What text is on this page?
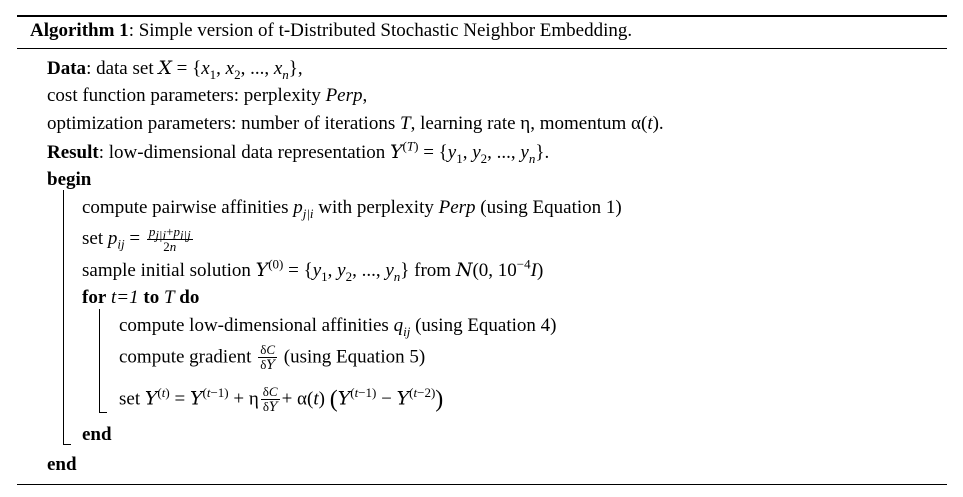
Algorithm 1: Simple version of t-Distributed Stochastic Neighbor Embedding.
Data: data set $X = \{x_1$, $x_2$, ..., $x_n$},
cost function parameters: perplexity Perp,
optimization parameters: number of iterations T, learning rate η, momentum α(t).
Result: low-dimensional data representation $Y^{(T)} = \{y_1$, $y_2$, ..., $y_n$}.
begin
compute pairwise affinities $p_{j|i}$ with perplexity Perp (using Equation 1)
set $p_{ij} = \frac{p_{j|i}+p_{i|j}}{2n}$
sample initial solution $Y^{(0)} = \{y_1$, $y_2$, ..., $y_n$} from N(0, $10^{-4}I$)
for t=1 to T do
compute low-dimensional affinities $q_{ij}$ (using Equation 4)
compute gradient $\frac{\delta C}{\delta Y} (using$ Equation 5)
set $Y^{(t)} = Y^{(t-1)} + \eta \frac{\delta C}{\delta Y} + \alpha(t) (Y^{(t-1)} - Y^{(t-2)})$
end
end
